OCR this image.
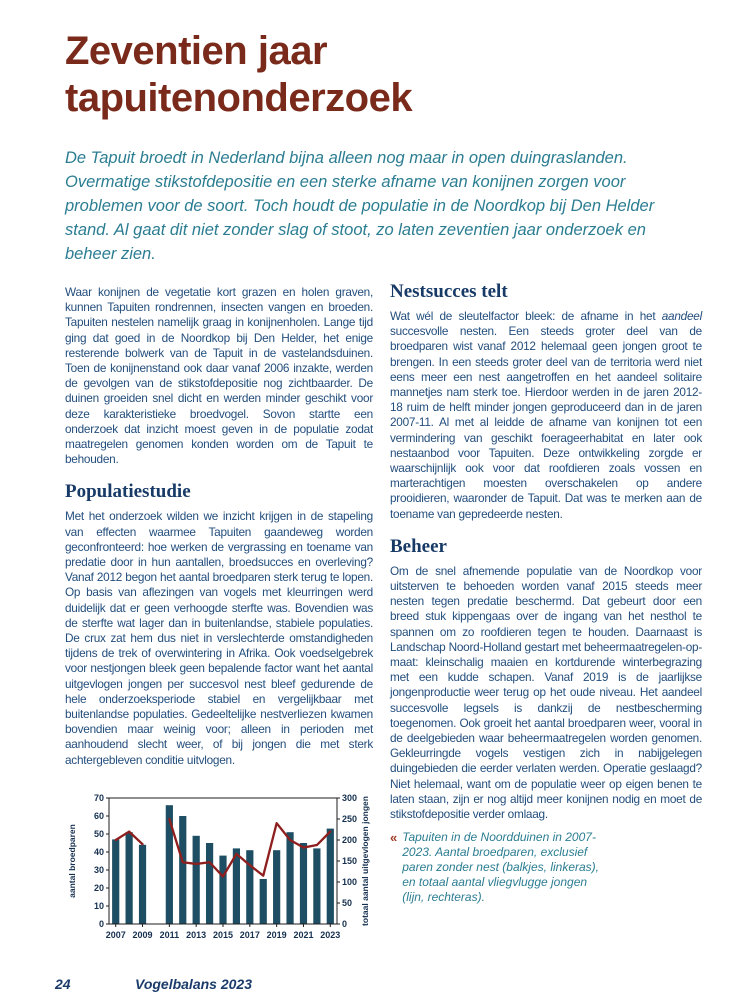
Zeventien jaar
tapuitenonderzoek
De Tapuit broedt in Nederland bijna alleen nog maar in open duingraslanden. Overmatige stikstofdepositie en een sterke afname van konijnen zorgen voor problemen voor de soort. Toch houdt de populatie in de Noordkop bij Den Helder stand. Al gaat dit niet zonder slag of stoot, zo laten zeventien jaar onderzoek en beheer zien.

Waar konijnen de vegetatie kort grazen en holen graven, kunnen Tapuiten rondrennen, insecten vangen en broeden. Tapuiten nestelen namelijk graag in konijnenholen. Lange tijd ging dat goed in de Noordkop bij Den Helder, het enige resterende bolwerk van de Tapuit in de vastelandsduinen. Toen de konijnenstand ook daar vanaf 2006 inzakte, werden de gevolgen van de stikstofdepositie nog zichtbaarder. De duinen groeiden snel dicht en werden minder geschikt voor deze karakteristieke broedvogel. Sovon startte een onderzoek dat inzicht moest geven in de populatie zodat maatregelen genomen konden worden om de Tapuit te behouden.

Populatiestudie

Met het onderzoek wilden we inzicht krijgen in de stapeling van effecten waarmee Tapuiten gaandeweg worden geconfronteerd: hoe werken de vergrassing en toename van predatie door in hun aantallen, broedsucces en overleving? Vanaf 2012 begon het aantal broedparen sterk terug te lopen. Op basis van aflezingen van vogels met kleurringen werd duidelijk dat er geen verhoogde sterfte was. Bovendien was de sterfte wat lager dan in buitenlandse, stabiele populaties. De crux zat hem dus niet in verslechterde omstandigheden tijdens de trek of overwintering in Afrika. Ook voedselgebrek voor nestjongen bleek geen bepalende factor want het aantal uitgevlogen jongen per succesvol nest bleef gedurende de hele onderzoeksperiode stabiel en vergelijkbaar met buitenlandse populaties. Gedeeltelijke nestverliezen kwamen bovendien maar weinig voor; alleen in perioden met aanhoudend slecht weer, of bij jongen die met sterk achtergebleven conditie uitvlogen.

0
10
20
30
40
50
60
70
0
50
100
150
200
250
300
2007 2009 2011 2013 2015 2017 2019 2021 2023
aantal broedparen	totaal aantal uitgevlogen jongen
Nestsucces telt

Wat wél de sleutelfactor bleek: de afname in het aandeel succesvolle nesten. Een steeds groter deel van de broedparen wist vanaf 2012 helemaal geen jongen groot te brengen. In een steeds groter deel van de territoria werd niet eens meer een nest aangetroffen en het aandeel solitaire mannetjes nam sterk toe. Hierdoor werden in de jaren 2012-18 ruim de helft minder jongen geproduceerd dan in de jaren 2007-11. Al met al leidde de afname van konijnen tot een vermindering van geschikt foerageerhabitat en later ook nestaanbod voor Tapuiten. Deze ontwikkeling zorgde er waarschijnlijk ook voor dat roofdieren zoals vossen en marterachtigen moesten overschakelen op andere prooidieren, waaronder de Tapuit. Dat was te merken aan de toename van gepredeerde nesten.

Beheer

Om de snel afnemende populatie van de Noordkop voor uitsterven te behoeden worden vanaf 2015 steeds meer nesten tegen predatie beschermd. Dat gebeurt door een breed stuk kippengaas over de ingang van het nesthol te spannen om zo roofdieren tegen te houden. Daarnaast is Landschap Noord-Holland gestart met beheermaatregelen-op-maat: kleinschalig maaien en kortdurende winterbegrazing met een kudde schapen. Vanaf 2019 is de jaarlijkse jongenproductie weer terug op het oude niveau. Het aandeel succesvolle legsels is dankzij de nestbescherming toegenomen. Ook groeit het aantal broedparen weer, vooral in de deelgebieden waar beheermaatregelen worden genomen. Gekleurringde vogels vestigen zich in nabijgelegen duingebieden die eerder verlaten werden. Operatie geslaagd? Niet helemaal, want om de populatie weer op eigen benen te laten staan, zijn er nog altijd meer konijnen nodig en moet de stikstofdepositie verder omlaag.

« Tapuiten in de Noordduinen in 2007-2023. Aantal broedparen, exclusief paren zonder nest (balkjes, linkeras), en totaal aantal vliegvlugge jongen (lijn, rechteras).
24	Vogelbalans 2023
